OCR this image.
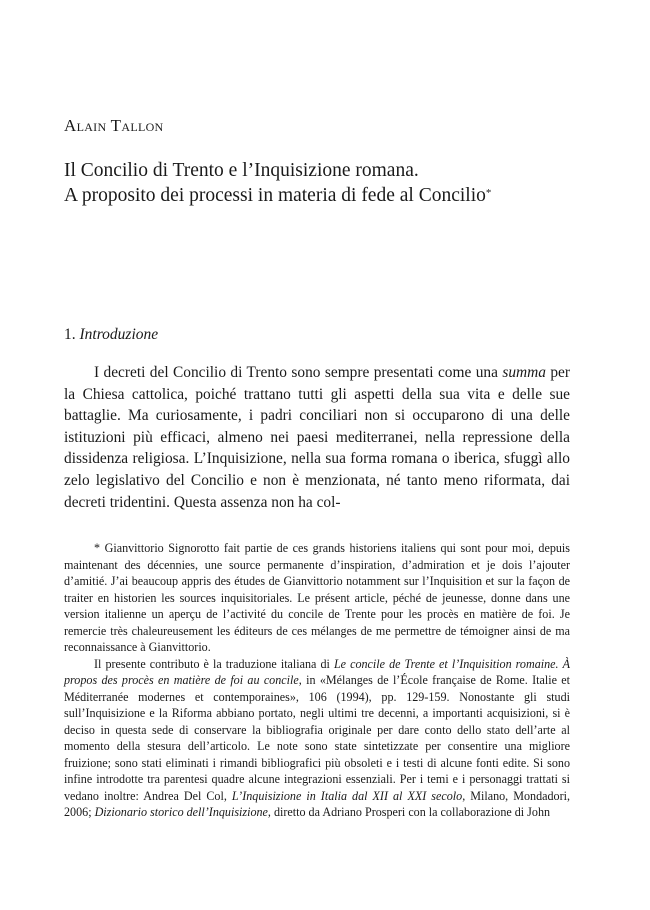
Alain Tallon
Il Concilio di Trento e l’Inquisizione romana.
A proposito dei processi in materia di fede al Concilio*
1. Introduzione

I decreti del Concilio di Trento sono sempre presentati come una summa per la Chiesa cattolica, poiché trattano tutti gli aspetti della sua vita e delle sue battaglie. Ma curiosamente, i padri conciliari non si occuparono di una delle istituzioni più efficaci, almeno nei paesi mediterranei, nella repressione della dissidenza religiosa. L’Inquisizione, nella sua forma romana o iberica, sfuggì allo zelo legislativo del Concilio e non è menzionata, né tanto meno riformata, dai decreti tridentini. Questa assenza non ha col-

* Gianvittorio Signorotto fait partie de ces grands historiens italiens qui sont pour moi, depuis maintenant des décennies, une source permanente d’inspiration, d’admiration et je dois l’ajouter d’amitié. J’ai beaucoup appris des études de Gianvittorio notamment sur l’Inquisition et sur la façon de traiter en historien les sources inquisitoriales. Le présent article, péché de jeunesse, donne dans une version italienne un aperçu de l’activité du concile de Trente pour les procès en matière de foi. Je remercie très chaleureusement les éditeurs de ces mélanges de me permettre de témoigner ainsi de ma reconnaissance à Gianvittorio.

Il presente contributo è la traduzione italiana di Le concile de Trente et l’Inquisition romaine. À propos des procès en matière de foi au concile, in «Mélanges de l’École française de Rome. Italie et Méditerranée modernes et contemporaines», 106 (1994), pp. 129-159. Nonostante gli studi sull’Inquisizione e la Riforma abbiano portato, negli ultimi tre decenni, a importanti acquisizioni, si è deciso in questa sede di conservare la bibliografia originale per dare conto dello stato dell’arte al momento della stesura dell’articolo. Le note sono state sintetizzate per consentire una migliore fruizione; sono stati eliminati i rimandi bibliografici più obsoleti e i testi di alcune fonti edite. Si sono infine introdotte tra parentesi quadre alcune integrazioni essenziali. Per i temi e i personaggi trattati si vedano inoltre: Andrea Del Col, L’Inquisizione in Italia dal XII al XXI secolo, Milano, Mondadori, 2006; Dizionario storico dell’Inquisizione, diretto da Adriano Prosperi con la collaborazione di John
